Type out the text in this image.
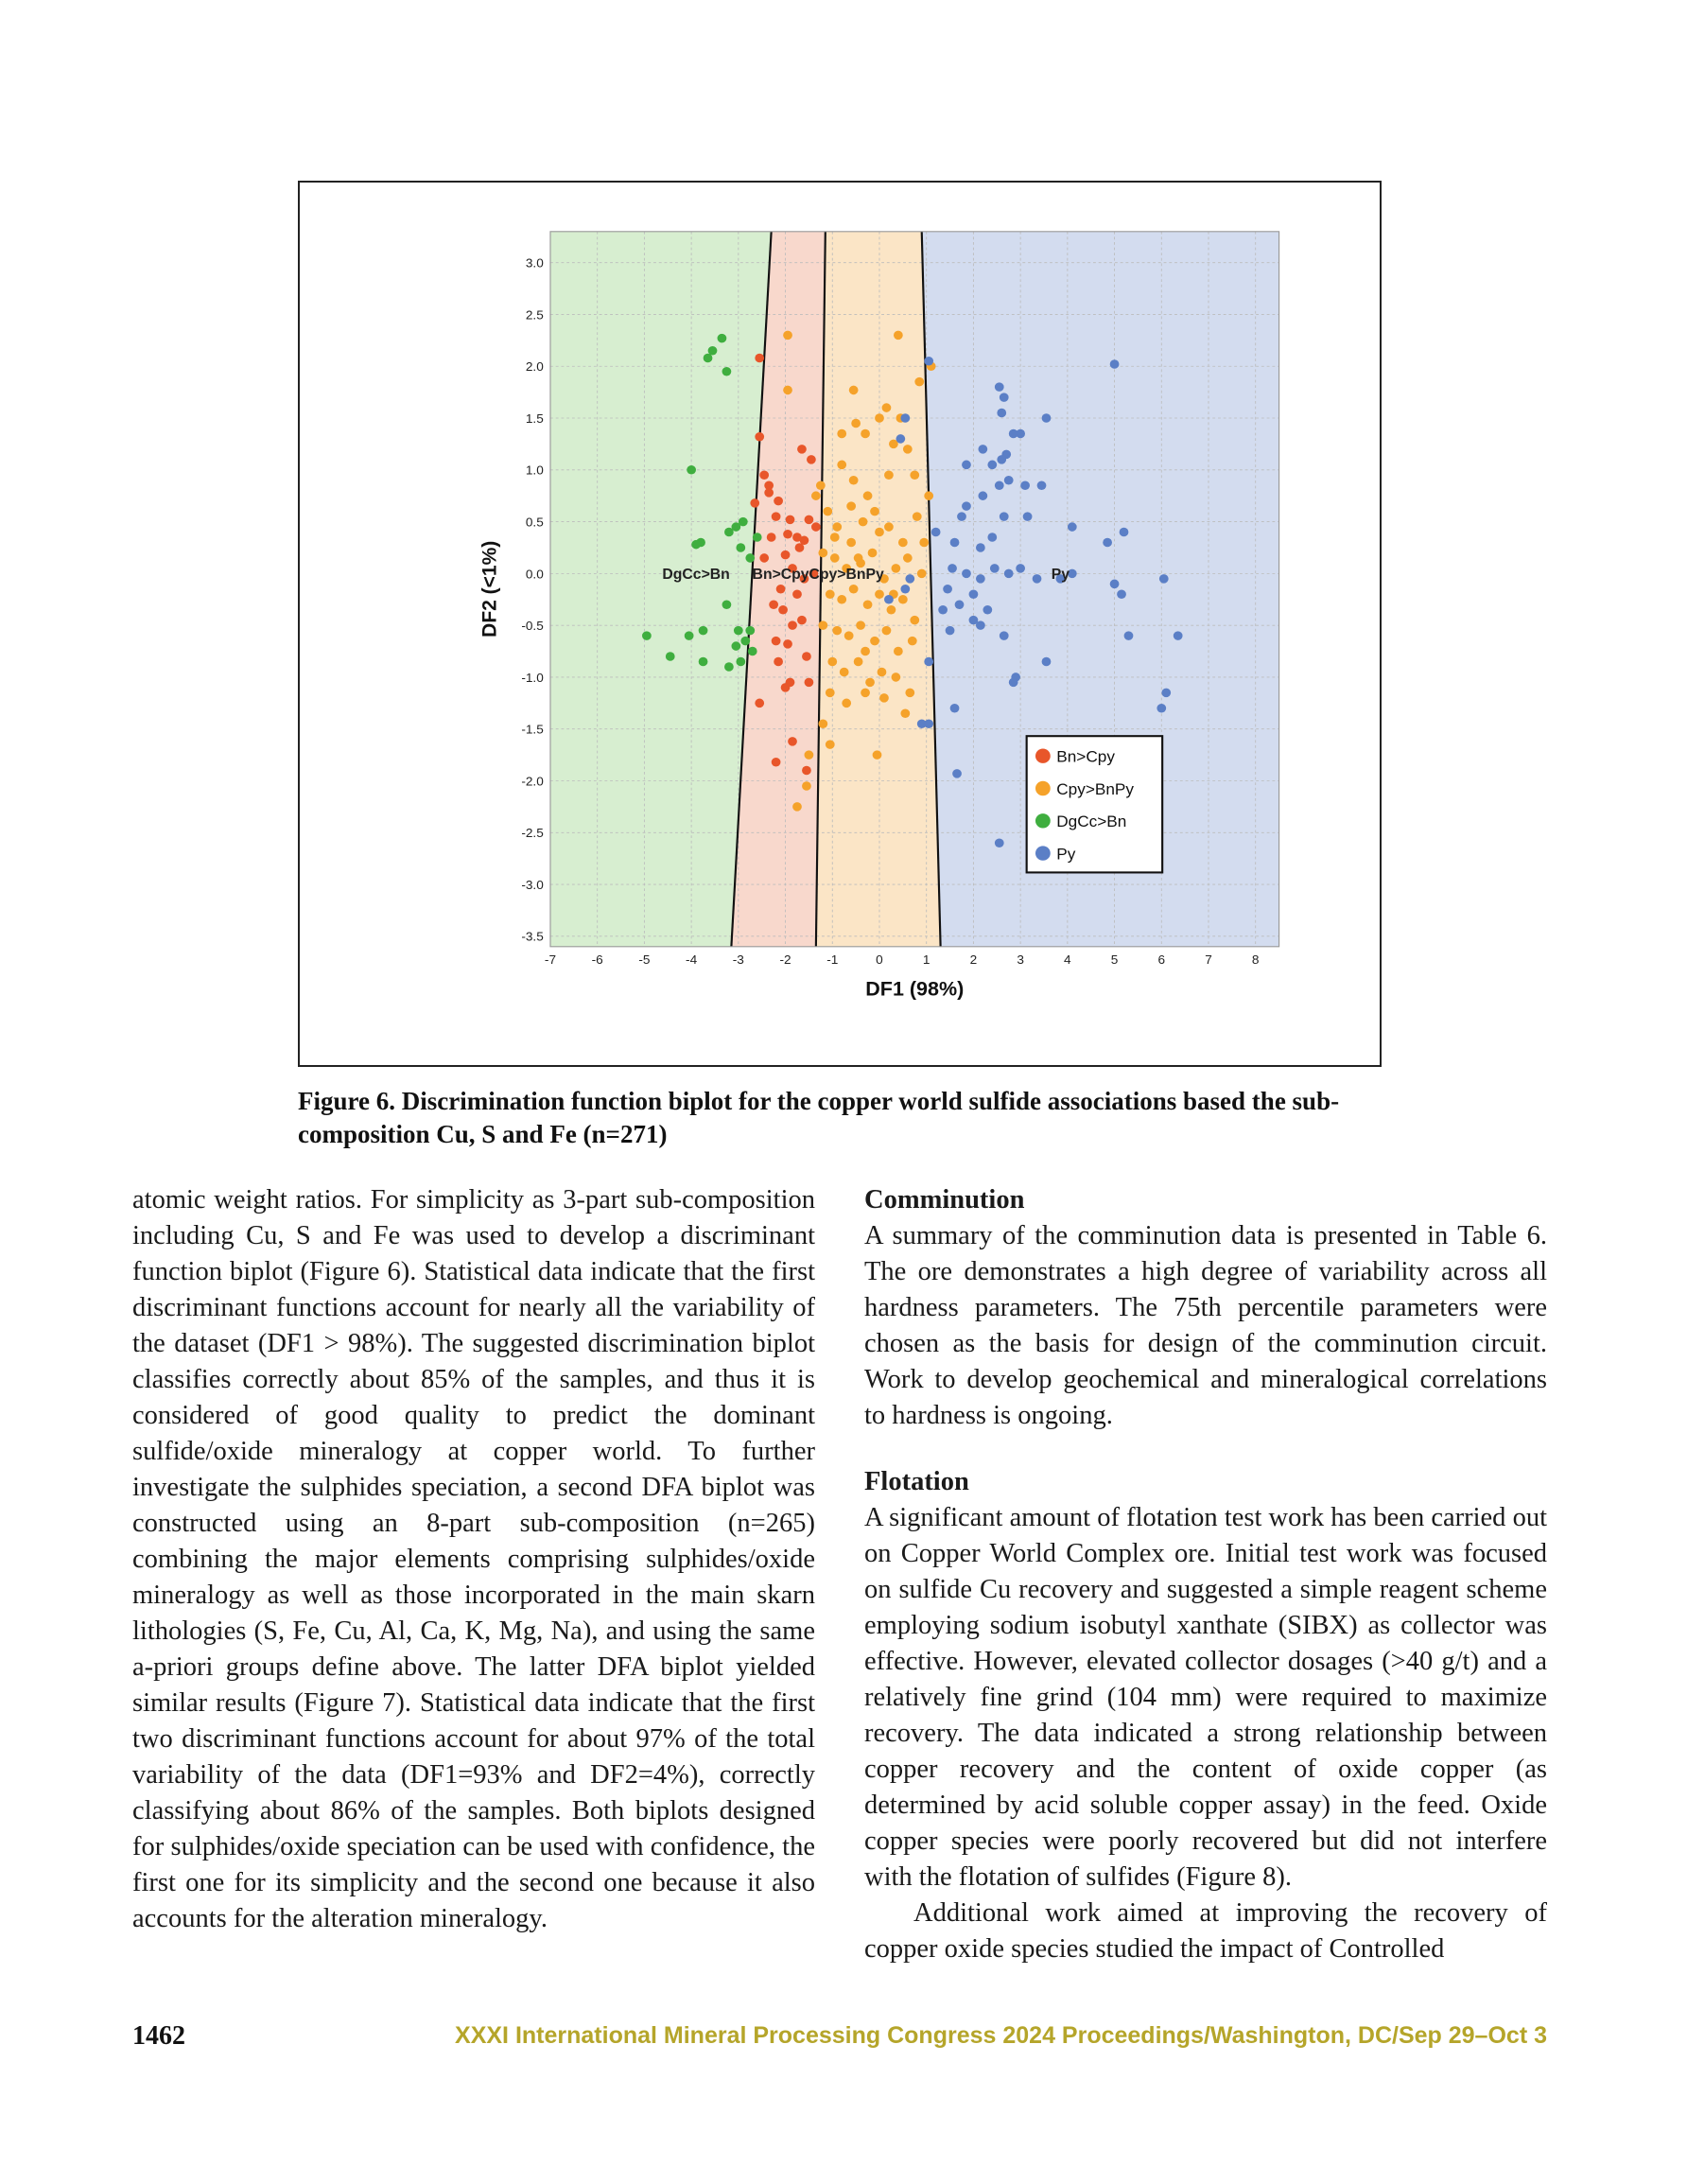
DgCc>Bn Bn>Cpy Cpy>BnPy	Py
-7	-6	-5	-4	-3	-2	-1	0	1	2	3	4	5	6	7	8
3.0
2.5
2.0
1.5
1.0
0.5
0.0
-0.5
-1.0
-1.5
-2.0
-2.5
-3.0
-3.5
DF1 (98%)
DF2 (<1%)
Bn>Cpy
Cpy>BnPy
DgCc>Bn
Py
Figure 6. Discrimination function biplot for the copper world sulfide associations based the sub-composition Cu, S and Fe (n=271)

atomic weight ratios. For simplicity as 3-part sub-composition including Cu, S and Fe was used to develop a discriminant function biplot (Figure 6). Statistical data indicate that the first discriminant functions account for nearly all the variability of the dataset (DF1 > 98%). The suggested discrimination biplot classifies correctly about 85% of the samples, and thus it is considered of good quality to predict the dominant sulfide/oxide mineralogy at copper world. To further investigate the sulphides speciation, a second DFA biplot was constructed using an 8-part sub-composition (n=265) combining the major elements comprising sulphides/oxide mineralogy as well as those incorporated in the main skarn lithologies (S, Fe, Cu, Al, Ca, K, Mg, Na), and using the same a-priori groups define above. The latter DFA biplot yielded similar results (Figure 7). Statistical data indicate that the first two discriminant functions account for about 97% of the total variability of the data (DF1=93% and DF2=4%), correctly classifying about 86% of the samples. Both biplots designed for sulphides/oxide speciation can be used with confidence, the first one for its simplicity and the second one because it also accounts for the alteration mineralogy.

Comminution

A summary of the comminution data is presented in Table 6. The ore demonstrates a high degree of variability across all hardness parameters. The 75th percentile parameters were chosen as the basis for design of the comminution circuit. Work to develop geochemical and mineralogical correlations to hardness is ongoing.

Flotation

A significant amount of flotation test work has been carried out on Copper World Complex ore. Initial test work was focused on sulfide Cu recovery and suggested a simple reagent scheme employing sodium isobutyl xanthate (SIBX) as collector was effective. However, elevated collector dosages (>40 g/t) and a relatively fine grind (104 mm) were required to maximize recovery. The data indicated a strong relationship between copper recovery and the content of oxide copper (as determined by acid soluble copper assay) in the feed. Oxide copper species were poorly recovered but did not interfere with the flotation of sulfides (Figure 8).

Additional work aimed at improving the recovery of copper oxide species studied the impact of Controlled

1462	XXXI International Mineral Processing Congress 2024 Proceedings/Washington, DC/Sep 29–Oct 3
